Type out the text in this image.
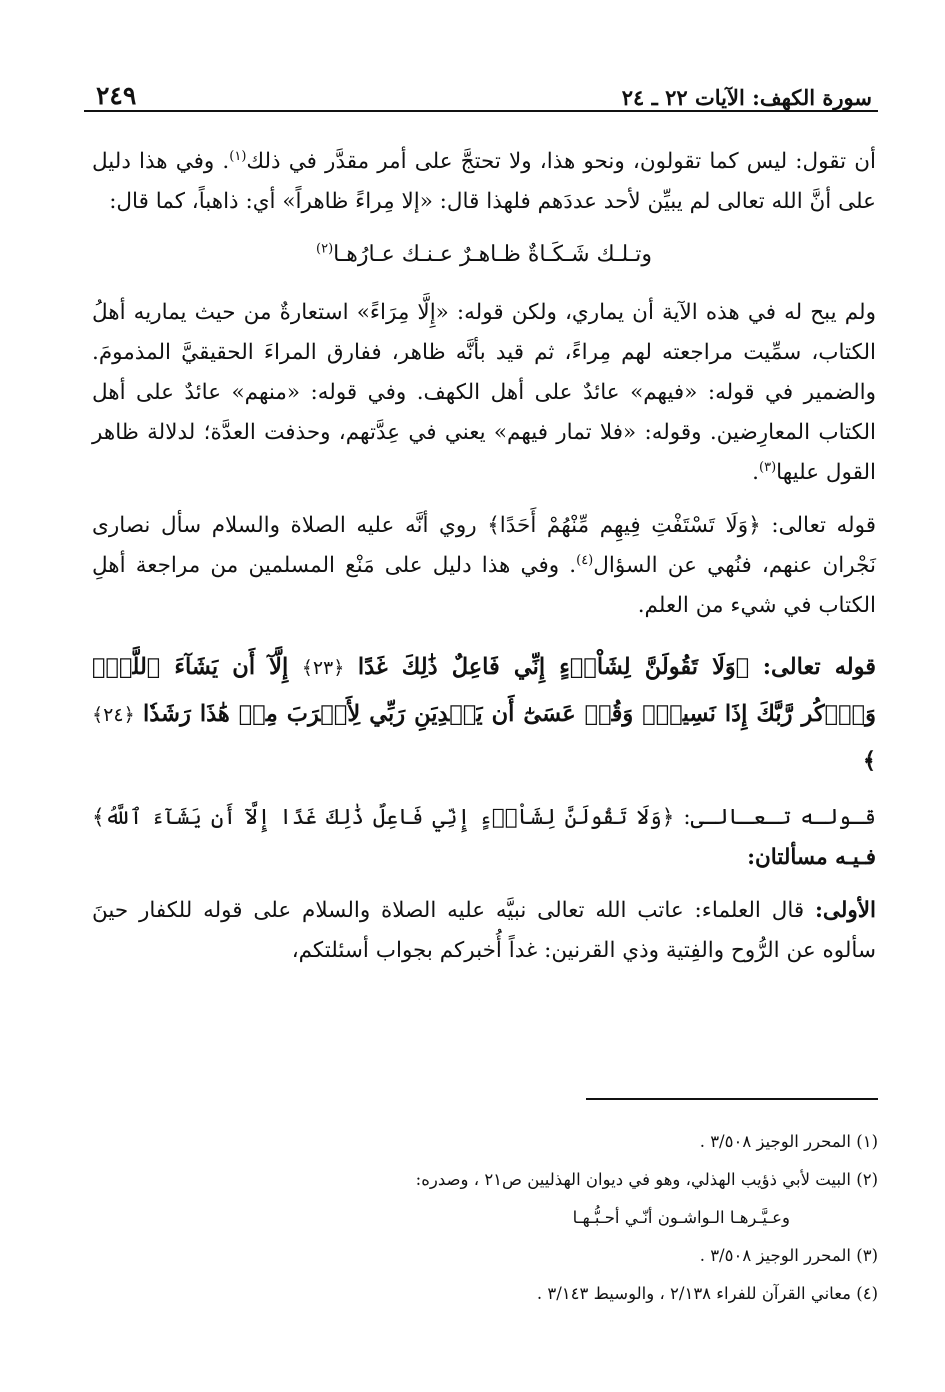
٢٤٩	سورة الكهف: الآيات ٢٢ ـ ٢٤

أن تقول: ليس كما تقولون، ونحو هذا، ولا تحتجَّ على أمر مقدَّر في ذلك$^{(١)}$. وفي هذا دليل على أنَّ الله تعالى لم يبيِّن لأحد عددَهم فلهذا قال: «إلا مِراءً ظاهراً» أي: ذاهباً، كما قال:

وتـلـك شَـكَـاةٌ ظـاهـرٌ عـنـك عـارُهـا$^{(٢)}$

ولم يبح له في هذه الآية أن يماري، ولكن قوله: «إِلَّا مِرَاءً» استعارةٌ من حيث يماريه أهلُ الكتاب، سمِّيت مراجعته لهم مِراءً، ثم قيد بأنَّه ظاهر، ففارق المراءَ الحقيقيَّ المذمومَ. والضمير في قوله: «فيهم» عائدٌ على أهل الكهف. وفي قوله: «منهم» عائدٌ على أهل الكتاب المعارِضين. وقوله: «فلا تمار فيهم» يعني في عِدَّتهم، وحذفت العدَّة؛ لدلالة ظاهر القول عليها$^{(٣)}$.

قوله تعالى: ﴿وَلَا تَسْتَفْتِ فِيهِم مِّنْهُمْ أَحَدًا﴾ روي أنَّه عليه الصلاة والسلام سأل نصارى نَجْران عنهم، فنُهي عن السؤال$^{(٤)}$. وفي هذا دليل على مَنْع المسلمين من مراجعة أهلِ الكتاب في شيء من العلم.

قوله تعالى: ﴿وَلَا تَقُولَنَّ لِشَاْىۡءٍ إِنِّي فَاعِلٌ ذَٰلِكَ غَدًا ﴿٢٣﴾ إِلَّآ أَن يَشَآءَ ٱللَّهُۚ وَٱذۡكُر رَّبَّكَ إِذَا نَسِيتَۚ وَقُلۡ عَسَىٰٓ أَن يَهۡدِيَنِ رَبِّي لِأَقۡرَبَ مِنۡ هَٰذَا رَشَدٗا ﴿٢٤﴾ ﴾

قـولـه تـعـالـى: ﴿وَلَا تَقُولَنَّ لِشَاْىۡءٍ إِنِّي فَاعِلٌ ذَٰلِكَ غَدًا إِلَّآ أَن يَشَآءَ ٱللَّهُ﴾ فـيـه مسألتان:

الأولى: قال العلماء: عاتب الله تعالى نبيَّه عليه الصلاة والسلام على قوله للكفار حينَ سألوه عن الرُّوح والفِتية وذي القرنين: غداً أُخبركم بجواب أسئلتكم،

(١) المحرر الوجيز ٣/٥٠٨ .
(٢) البيت لأبي ذؤيب الهذلي، وهو في ديوان الهذليين ص٢١ ، وصدره:
وعـيَّـرهـا الـواشـون أنّـي أحـبُّـهـا
(٣) المحرر الوجيز ٣/٥٠٨ .
(٤) معاني القرآن للفراء ٢/١٣٨ ، والوسيط ٣/١٤٣ .
